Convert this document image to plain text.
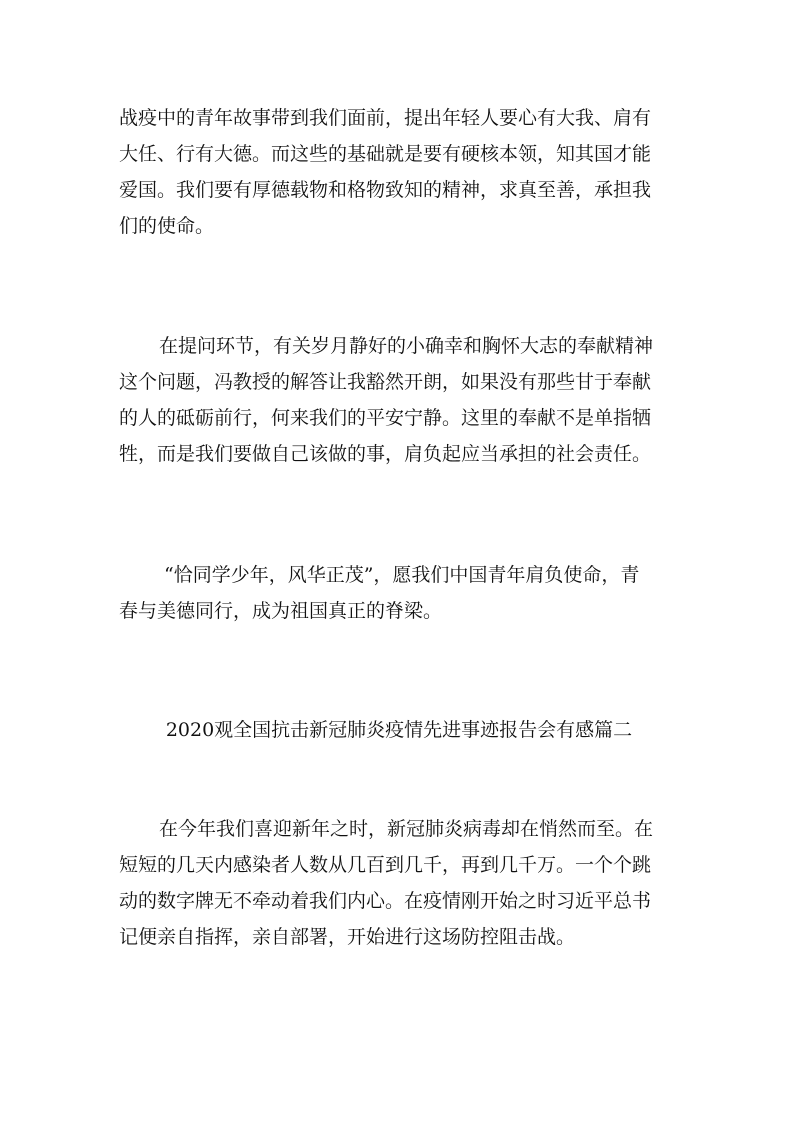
战疫中的青年故事带到我们面前，提出年轻人要心有大我、肩有
大任、行有大德。而这些的基础就是要有硬核本领，知其国才能
爱国。我们要有厚德载物和格物致知的精神，求真至善，承担我
们的使命。

在提问环节，有关岁月静好的小确幸和胸怀大志的奉献精神
这个问题，冯教授的解答让我豁然开朗，如果没有那些甘于奉献
的人的砥砺前行，何来我们的平安宁静。这里的奉献不是单指牺
牲，而是我们要做自己该做的事，肩负起应当承担的社会责任。

“恰同学少年，风华正茂”，愿我们中国青年肩负使命，青
春与美德同行，成为祖国真正的脊梁。

2020观全国抗击新冠肺炎疫情先进事迹报告会有感篇二

在今年我们喜迎新年之时，新冠肺炎病毒却在悄然而至。在
短短的几天内感染者人数从几百到几千，再到几千万。一个个跳
动的数字牌无不牵动着我们内心。在疫情刚开始之时习近平总书
记便亲自指挥，亲自部署，开始进行这场防控阻击战。
